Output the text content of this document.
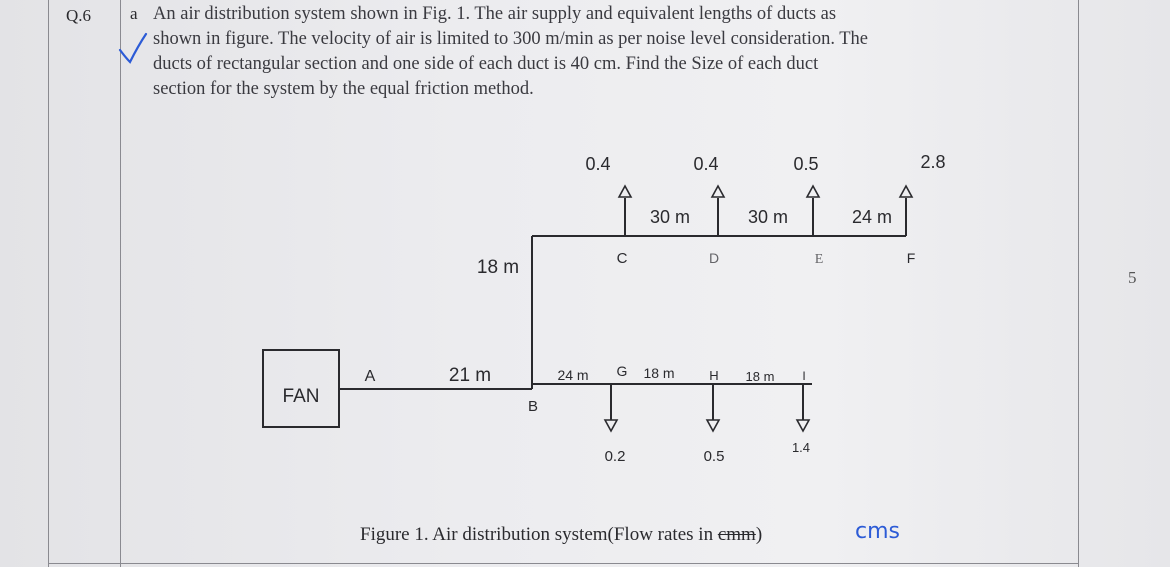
Q.6 a An air distribution system shown in Fig. 1. The air supply and equivalent lengths of ducts as
shown in figure. The velocity of air is limited to 300 m/min as per noise level consideration. The
ducts of rectangular section and one side of each duct is 40 cm. Find the Size of each duct
section for the system by the equal friction method.
5
FAN
A
B
C	D	E	F
G	H	I
21 m
18 m
24 m	18 m	18 m
30 m	30 m	24 m
0.4	0.4	0.5	2.8
0.2	0.5
1.4
Figure 1. Air distribution system(Flow rates in cmm)	cms
